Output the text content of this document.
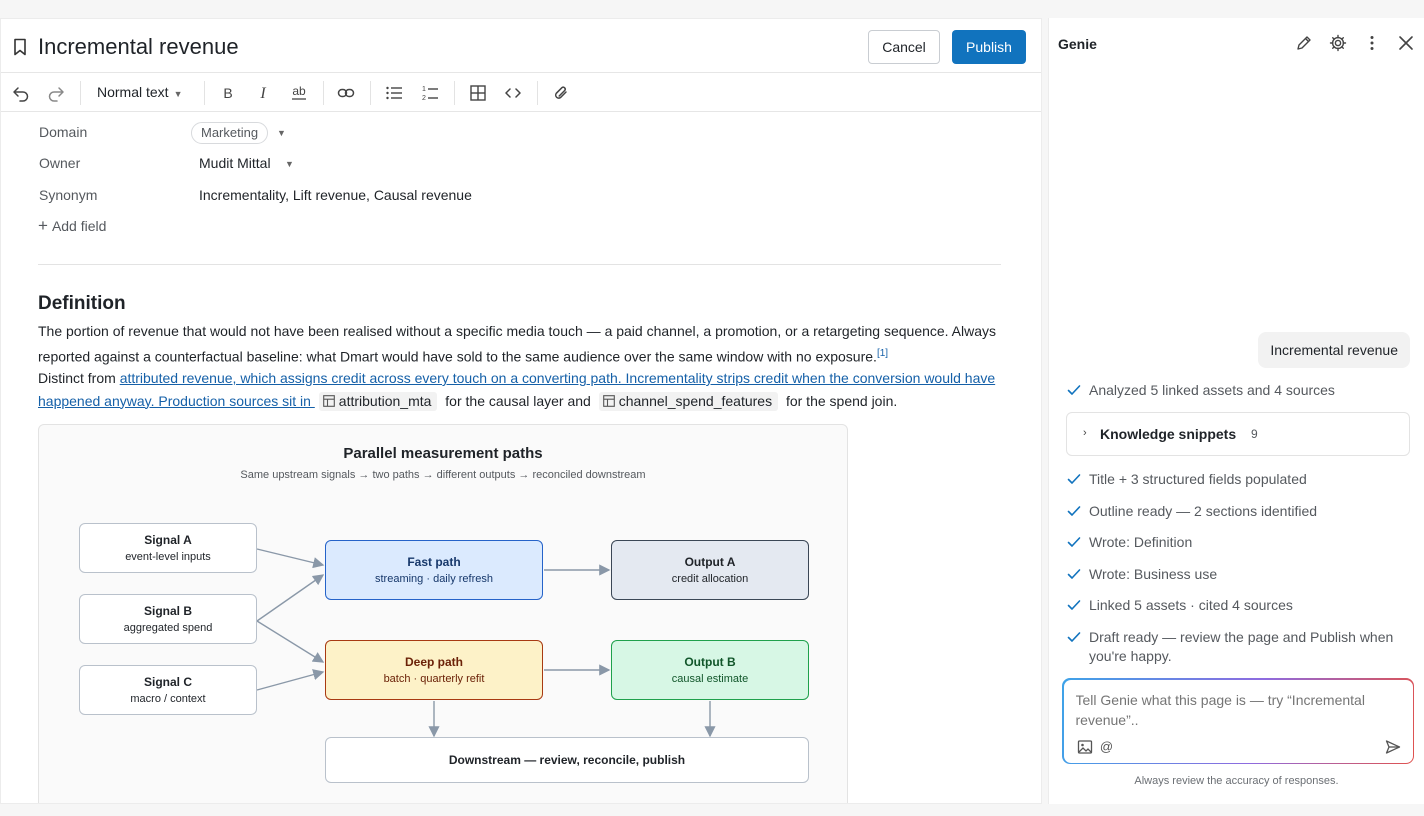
Incremental revenue	Cancel	Publish
Normal text ▼	B I ab	1
2
Domain	Marketing	▼
Owner	Mudit Mittal ▼
Synonym	Incrementality, Lift revenue, Causal revenue
+ Add field
Definition

The portion of revenue that would not have been realised without a specific media touch — a paid channel, a promotion, or a retargeting sequence. Always reported against a counterfactual baseline: what Dmart would have sold to the same audience over the same window with no exposure.[1]

Distinct from attributed revenue, which assigns credit across every touch on a converting path. Incrementality strips credit when the conversion would have happened anyway. Production sources sit in attribution_mta for the causal layer and channel_spend_features for the spend join.

Parallel measurement paths
Same upstream signals → two paths → different outputs → reconciled downstream
Signal A
event-level inputs
Signal B
aggregated spend
Signal C
macro / context
Fast path
streaming · daily refresh
Deep path
batch · quarterly refit
Output A
credit allocation
Output B
causal estimate
Downstream — review, reconcile, publish
Genie
Incremental revenue
Analyzed 5 linked assets and 4 sources
› Knowledge snippets 9
Title + 3 structured fields populated
Outline ready — 2 sections identified
Wrote: Definition
Wrote: Business use
Linked 5 assets · cited 4 sources
Draft ready — review the page and Publish when you're happy.
Tell Genie what this page is — try “Incremental revenue”..
@
Always review the accuracy of responses.
